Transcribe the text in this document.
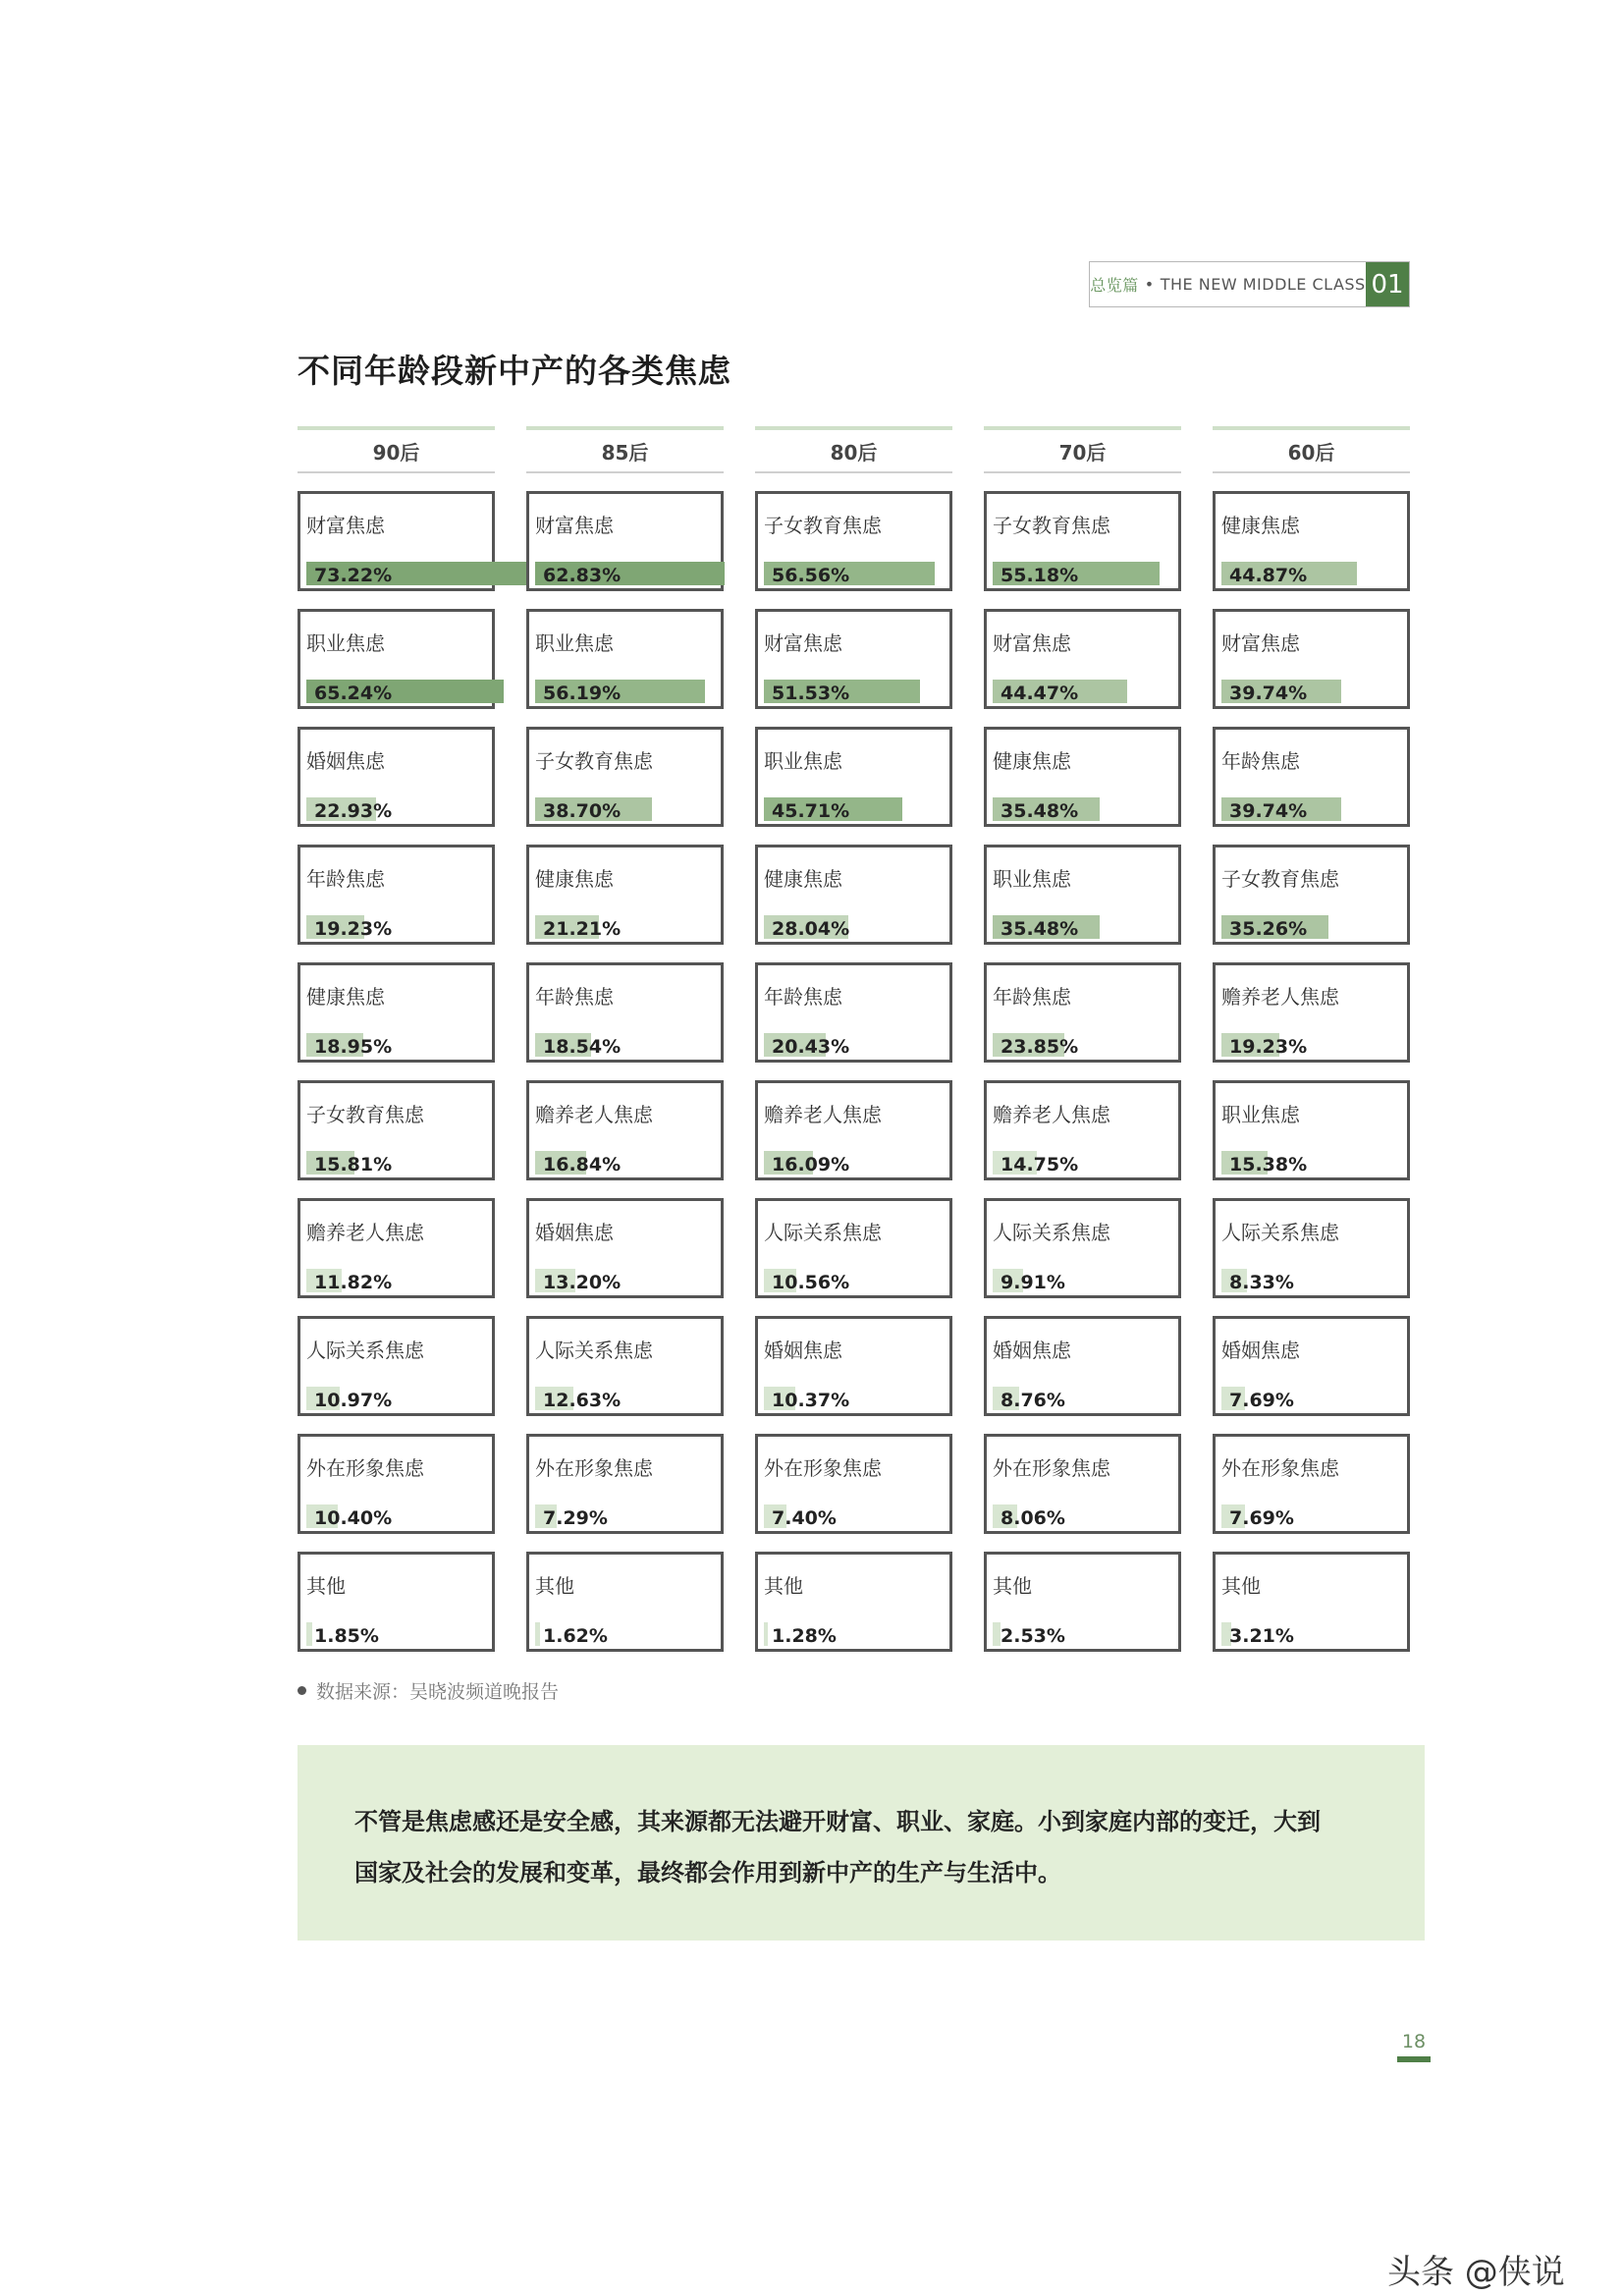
总览篇 • THE NEW MIDDLE CLASS 01
不同年龄段新中产的各类焦虑
90后
财富焦虑
73.22%
职业焦虑
65.24%
婚姻焦虑
22.93%
年龄焦虑
19.23%
健康焦虑
18.95%
子女教育焦虑
15.81%
赡养老人焦虑
11.82%
人际关系焦虑
10.97%
外在形象焦虑
10.40%
其他
1.85%
85后
财富焦虑
62.83%
职业焦虑
56.19%
子女教育焦虑
38.70%
健康焦虑
21.21%
年龄焦虑
18.54%
赡养老人焦虑
16.84%
婚姻焦虑
13.20%
人际关系焦虑
12.63%
外在形象焦虑
7.29%
其他
1.62%
80后
子女教育焦虑
56.56%
财富焦虑
51.53%
职业焦虑
45.71%
健康焦虑
28.04%
年龄焦虑
20.43%
赡养老人焦虑
16.09%
人际关系焦虑
10.56%
婚姻焦虑
10.37%
外在形象焦虑
7.40%
其他
1.28%
70后
子女教育焦虑
55.18%
财富焦虑
44.47%
健康焦虑
35.48%
职业焦虑
35.48%
年龄焦虑
23.85%
赡养老人焦虑
14.75%
人际关系焦虑
9.91%
婚姻焦虑
8.76%
外在形象焦虑
8.06%
其他
2.53%
60后
健康焦虑
44.87%
财富焦虑
39.74%
年龄焦虑
39.74%
子女教育焦虑
35.26%
赡养老人焦虑
19.23%
职业焦虑
15.38%
人际关系焦虑
8.33%
婚姻焦虑
7.69%
外在形象焦虑
7.69%
其他
3.21%
数据来源：吴晓波频道晚报告

不管是焦虑感还是安全感，其来源都无法避开财富、职业、家庭。小到家庭内部的变迁，大到

国家及社会的发展和变革，最终都会作用到新中产的生产与生活中。

18
头条 @侠说
